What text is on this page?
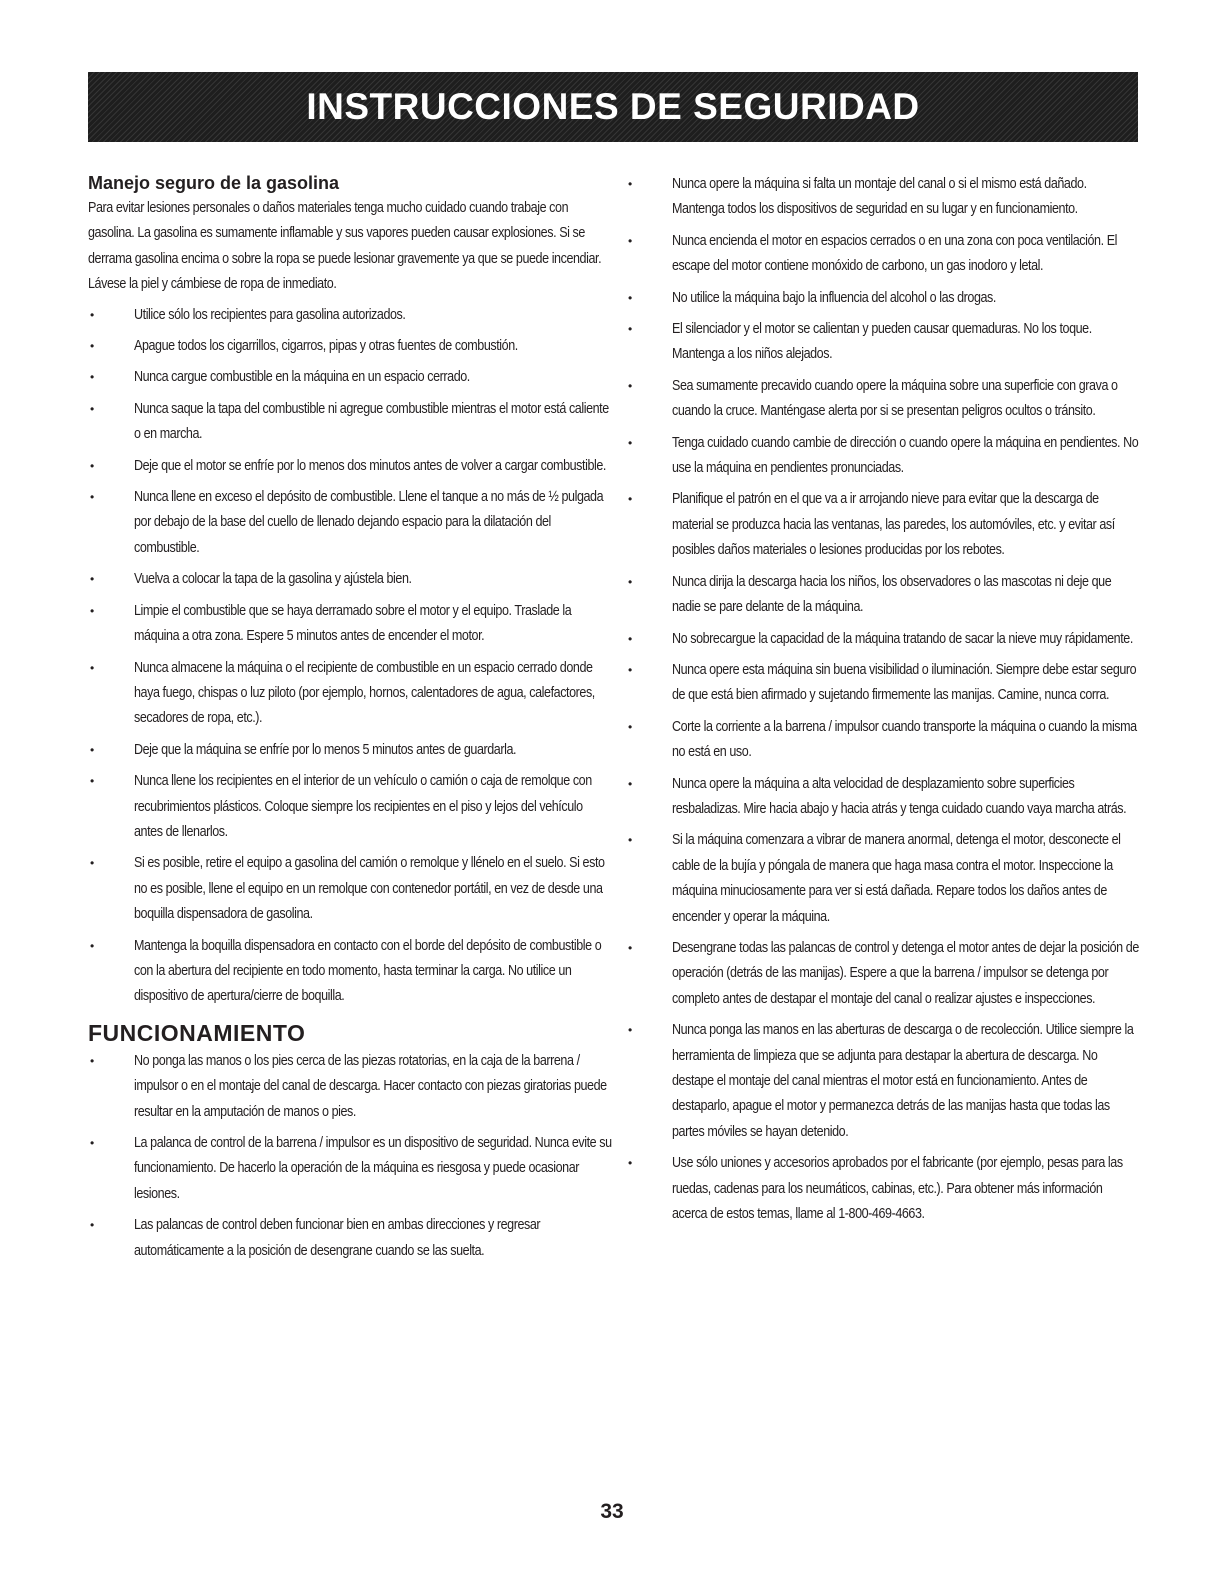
INSTRUCCIONES DE SEGURIDAD
Manejo seguro de la gasolina
Para evitar lesiones personales o daños materiales tenga mucho cuidado cuando trabaje con gasolina. La gasolina es sumamente inflamable y sus vapores pueden causar explosiones. Si se derrama gasolina encima o sobre la ropa se puede lesionar gravemente ya que se puede incendiar. Lávese la piel y cámbiese de ropa de inmediato.
•	Utilice sólo los recipientes para gasolina autorizados.
•	Apague todos los cigarrillos, cigarros, pipas y otras fuentes de combustión.
•	Nunca cargue combustible en la máquina en un espacio cerrado.
•	Nunca saque la tapa del combustible ni agregue combustible mientras el motor está caliente o en marcha.
•	Deje que el motor se enfríe por lo menos dos minutos antes de volver a cargar combustible.
•	Nunca llene en exceso el depósito de combustible. Llene el tanque a no más de ½ pulgada por debajo de la base del cuello de llenado dejando espacio para la dilatación del combustible.
•	Vuelva a colocar la tapa de la gasolina y ajústela bien.
•	Limpie el combustible que se haya derramado sobre el motor y el equipo. Traslade la máquina a otra zona. Espere 5 minutos antes de encender el motor.
•	Nunca almacene la máquina o el recipiente de combustible en un espacio cerrado donde haya fuego, chispas o luz piloto (por ejemplo, hornos, calentadores de agua, calefactores, secadores de ropa, etc.).
•	Deje que la máquina se enfríe por lo menos 5 minutos antes de guardarla.
•	Nunca llene los recipientes en el interior de un vehículo o camión o caja de remolque con recubrimientos plásticos. Coloque siempre los recipientes en el piso y lejos del vehículo antes de llenarlos.
•	Si es posible, retire el equipo a gasolina del camión o remolque y llénelo en el suelo. Si esto no es posible, llene el equipo en un remolque con contenedor portátil, en vez de desde una boquilla dispensadora de gasolina.
•	Mantenga la boquilla dispensadora en contacto con el borde del depósito de combustible o con la abertura del recipiente en todo momento, hasta terminar la carga. No utilice un dispositivo de apertura/cierre de boquilla.
FUNCIONAMIENTO
•	No ponga las manos o los pies cerca de las piezas rotatorias, en la caja de la barrena / impulsor o en el montaje del canal de descarga. Hacer contacto con piezas giratorias puede resultar en la amputación de manos o pies.
•	La palanca de control de la barrena / impulsor es un dispositivo de seguridad. Nunca evite su funcionamiento. De hacerlo la operación de la máquina es riesgosa y puede ocasionar lesiones.
•	Las palancas de control deben funcionar bien en ambas direcciones y regresar automáticamente a la posición de desengrane cuando se las suelta.
•	Nunca opere la máquina si falta un montaje del canal o si el mismo está dañado. Mantenga todos los dispositivos de seguridad en su lugar y en funcionamiento.
•	Nunca encienda el motor en espacios cerrados o en una zona con poca ventilación. El escape del motor contiene monóxido de carbono, un gas inodoro y letal.
•	No utilice la máquina bajo la influencia del alcohol o las drogas.
•	El silenciador y el motor se calientan y pueden causar quemaduras. No los toque. Mantenga a los niños alejados.
•	Sea sumamente precavido cuando opere la máquina sobre una superficie con grava o cuando la cruce. Manténgase alerta por si se presentan peligros ocultos o tránsito.
•	Tenga cuidado cuando cambie de dirección o cuando opere la máquina en pendientes. No use la máquina en pendientes pronunciadas.
•	Planifique el patrón en el que va a ir arrojando nieve para evitar que la descarga de material se produzca hacia las ventanas, las paredes, los automóviles, etc. y evitar así posibles daños materiales o lesiones producidas por los rebotes.
•	Nunca dirija la descarga hacia los niños, los observadores o las mascotas ni deje que nadie se pare delante de la máquina.
•	No sobrecargue la capacidad de la máquina tratando de sacar la nieve muy rápidamente.
•	Nunca opere esta máquina sin buena visibilidad o iluminación. Siempre debe estar seguro de que está bien afirmado y sujetando firmemente las manijas. Camine, nunca corra.
•	Corte la corriente a la barrena / impulsor cuando transporte la máquina o cuando la misma no está en uso.
•	Nunca opere la máquina a alta velocidad de desplazamiento sobre superficies resbaladizas. Mire hacia abajo y hacia atrás y tenga cuidado cuando vaya marcha atrás.
•	Si la máquina comenzara a vibrar de manera anormal, detenga el motor, desconecte el cable de la bujía y póngala de manera que haga masa contra el motor. Inspeccione la máquina minuciosamente para ver si está dañada. Repare todos los daños antes de encender y operar la máquina.
•	Desengrane todas las palancas de control y detenga el motor antes de dejar la posición de operación (detrás de las manijas). Espere a que la barrena / impulsor se detenga por completo antes de destapar el montaje del canal o realizar ajustes e inspecciones.
•	Nunca ponga las manos en las aberturas de descarga o de recolección. Utilice siempre la herramienta de limpieza que se adjunta para destapar la abertura de descarga. No destape el montaje del canal mientras el motor está en funcionamiento. Antes de destaparlo, apague el motor y permanezca detrás de las manijas hasta que todas las partes móviles se hayan detenido.
•	Use sólo uniones y accesorios aprobados por el fabricante (por ejemplo, pesas para las ruedas, cadenas para los neumáticos, cabinas, etc.). Para obtener más información acerca de estos temas, llame al 1-800-469-4663.
33
